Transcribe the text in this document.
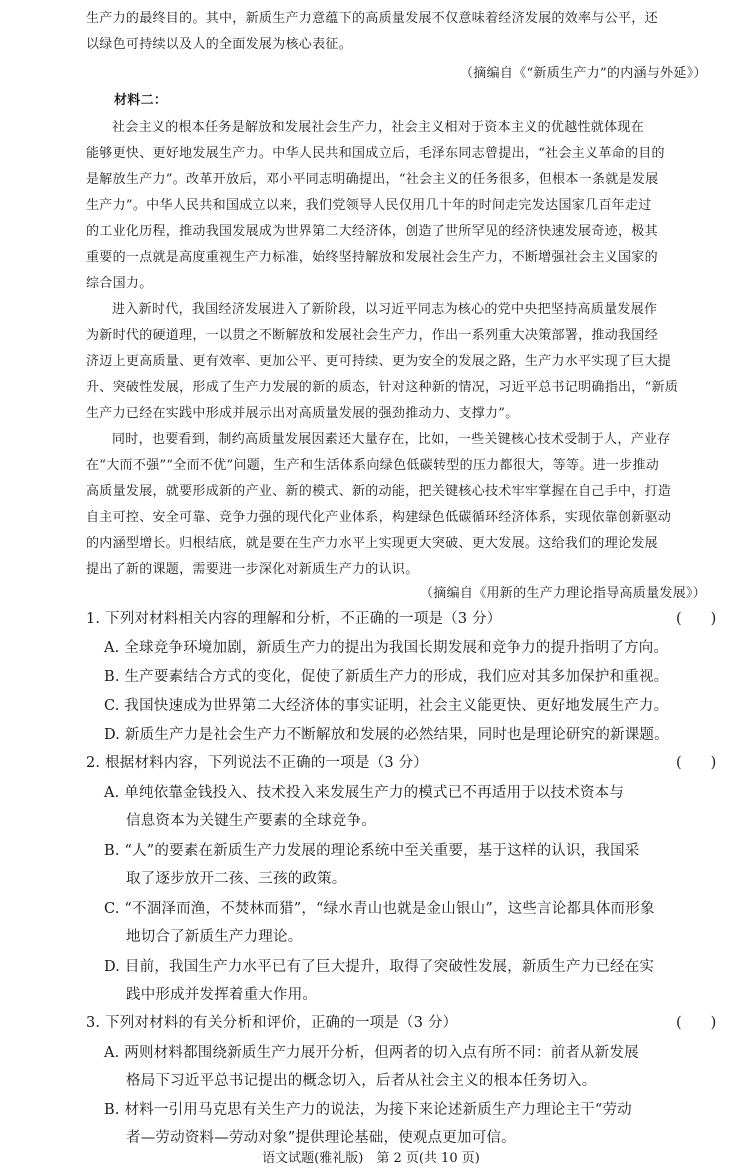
生产力的最终目的。其中，新质生产力意蕴下的高质量发展不仅意味着经济发展的效率与公平，还
以绿色可持续以及人的全面发展为核心表征。
（摘编自《“新质生产力”的内涵与外延》）
材料二：
社会主义的根本任务是解放和发展社会生产力，社会主义相对于资本主义的优越性就体现在
能够更快、更好地发展生产力。中华人民共和国成立后，毛泽东同志曾提出，“社会主义革命的目的
是解放生产力”。改革开放后，邓小平同志明确提出，“社会主义的任务很多，但根本一条就是发展
生产力”。中华人民共和国成立以来，我们党领导人民仅用几十年的时间走完发达国家几百年走过
的工业化历程，推动我国发展成为世界第二大经济体，创造了世所罕见的经济快速发展奇迹，极其
重要的一点就是高度重视生产力标准，始终坚持解放和发展社会生产力，不断增强社会主义国家的
综合国力。
进入新时代，我国经济发展进入了新阶段，以习近平同志为核心的党中央把坚持高质量发展作
为新时代的硬道理，一以贯之不断解放和发展社会生产力，作出一系列重大决策部署，推动我国经
济迈上更高质量、更有效率、更加公平、更可持续、更为安全的发展之路，生产力水平实现了巨大提
升、突破性发展，形成了生产力发展的新的质态，针对这种新的情况，习近平总书记明确指出，“新质
生产力已经在实践中形成并展示出对高质量发展的强劲推动力、支撑力”。
同时，也要看到，制约高质量发展因素还大量存在，比如，一些关键核心技术受制于人，产业存
在“大而不强”“全而不优”问题，生产和生活体系向绿色低碳转型的压力都很大，等等。进一步推动
高质量发展，就要形成新的产业、新的模式、新的动能，把关键核心技术牢牢掌握在自己手中，打造
自主可控、安全可靠、竞争力强的现代化产业体系，构建绿色低碳循环经济体系，实现依靠创新驱动
的内涵型增长。归根结底，就是要在生产力水平上实现更大突破、更大发展。这给我们的理论发展
提出了新的课题，需要进一步深化对新质生产力的认识。
（摘编自《用新的生产力理论指导高质量发展》）
1. 下列对材料相关内容的理解和分析，不正确的一项是（3 分）	(　　)
A. 全球竞争环境加剧，新质生产力的提出为我国长期发展和竞争力的提升指明了方向。
B. 生产要素结合方式的变化，促使了新质生产力的形成，我们应对其多加保护和重视。
C. 我国快速成为世界第二大经济体的事实证明，社会主义能更快、更好地发展生产力。
D. 新质生产力是社会生产力不断解放和发展的必然结果，同时也是理论研究的新课题。
2. 根据材料内容，下列说法不正确的一项是（3 分）	(　　)
A. 单纯依靠金钱投入、技术投入来发展生产力的模式已不再适用于以技术资本与
信息资本为关键生产要素的全球竞争。
B. “人”的要素在新质生产力发展的理论系统中至关重要，基于这样的认识，我国采
取了逐步放开二孩、三孩的政策。
C. “不涸泽而渔，不焚林而猎”，“绿水青山也就是金山银山”，这些言论都具体而形象
地切合了新质生产力理论。
D. 目前，我国生产力水平已有了巨大提升，取得了突破性发展，新质生产力已经在实
践中形成并发挥着重大作用。
3. 下列对材料的有关分析和评价，正确的一项是（3 分）	(　　)
A. 两则材料都围绕新质生产力展开分析，但两者的切入点有所不同：前者从新发展
格局下习近平总书记提出的概念切入，后者从社会主义的根本任务切入。
B. 材料一引用马克思有关生产力的说法，为接下来论述新质生产力理论主干“劳动
者—劳动资料—劳动对象”提供理论基础，使观点更加可信。
语文试题(雅礼版)　第 2 页(共 10 页)
